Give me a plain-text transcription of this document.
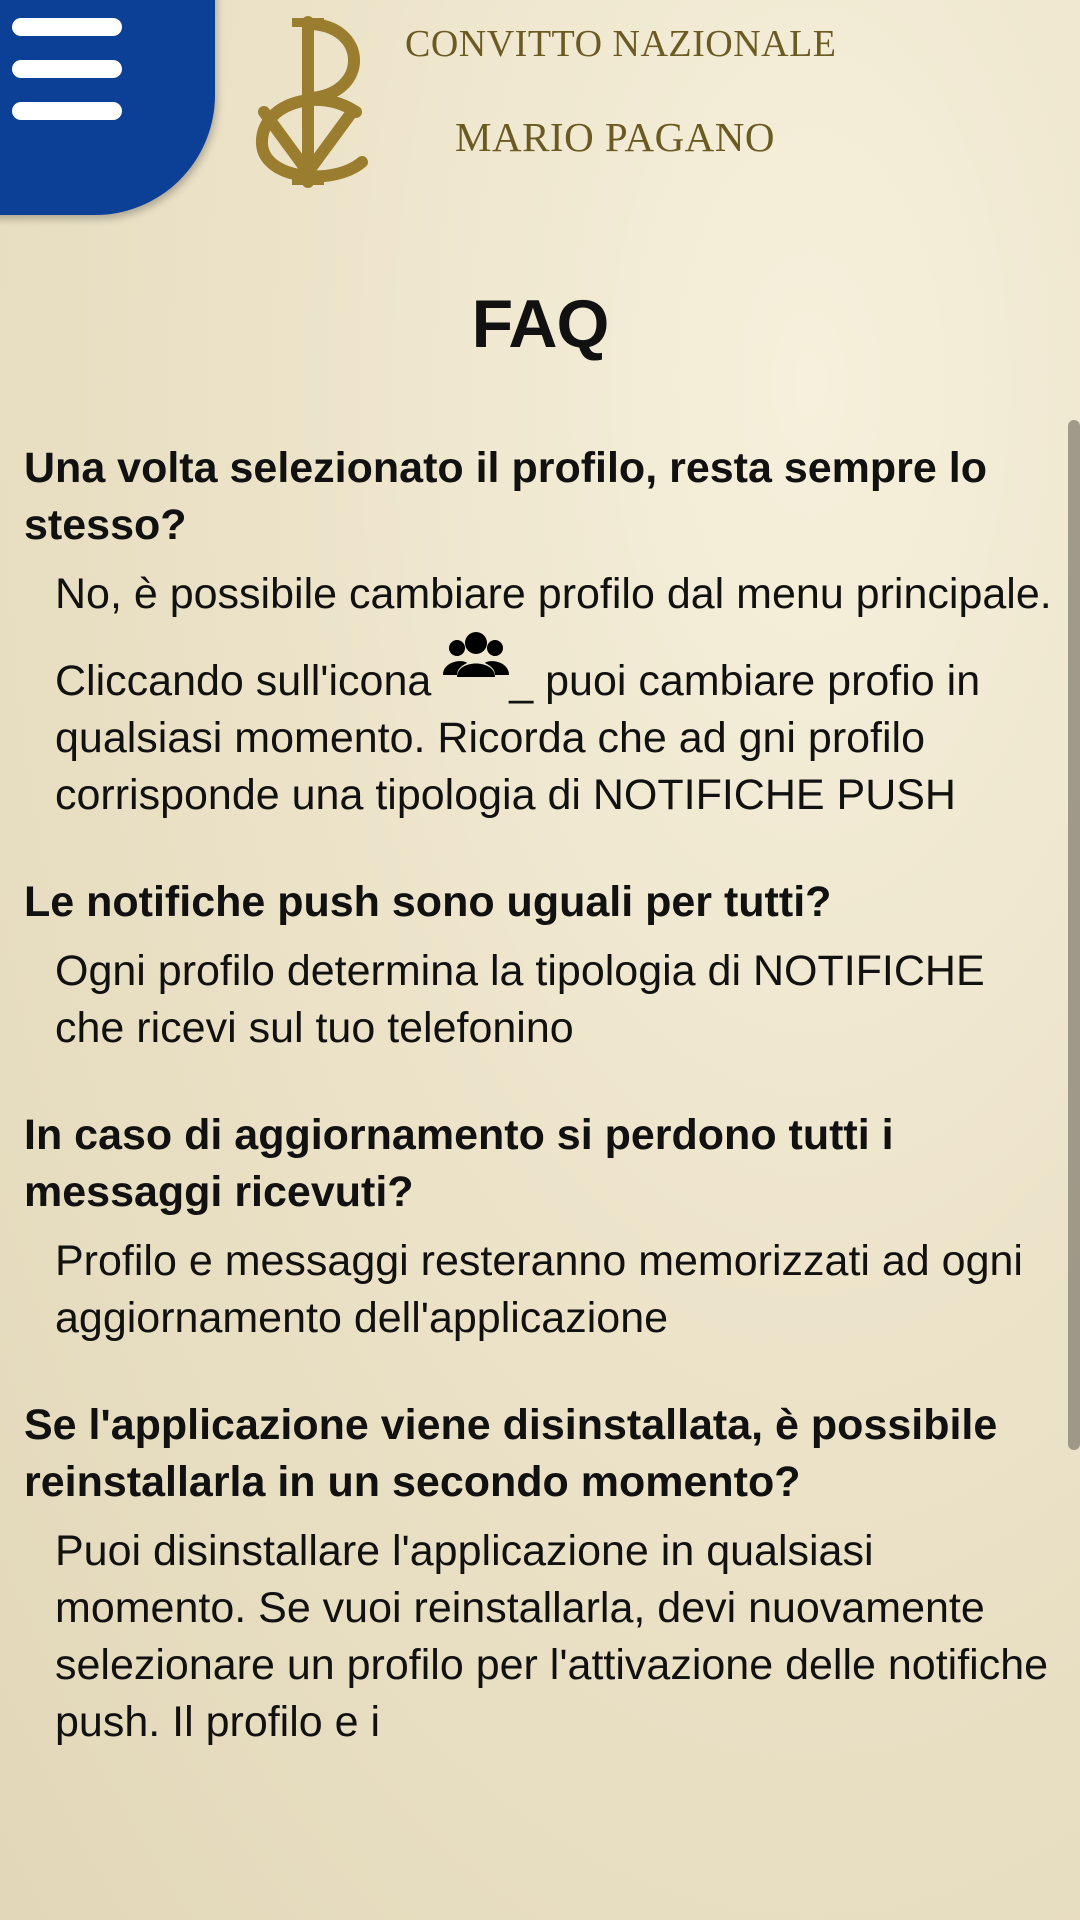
CONVITTO NAZIONALE
MARIO PAGANO
FAQ

Una volta selezionato il profilo, resta sempre lo stesso?

No, è possibile cambiare profilo dal menu principale.

Cliccando sull'icona _ puoi cambiare profio in qualsiasi momento. Ricorda che ad gni profilo corrisponde una tipologia di NOTIFICHE PUSH

Le notifiche push sono uguali per tutti?

Ogni profilo determina la tipologia di NOTIFICHE che ricevi sul tuo telefonino

In caso di aggiornamento si perdono tutti i messaggi ricevuti?

Profilo e messaggi resteranno memorizzati ad ogni aggiornamento dell'applicazione

Se l'applicazione viene disinstallata, è possibile reinstallarla in un secondo momento?

Puoi disinstallare l'applicazione in qualsiasi momento. Se vuoi reinstallarla, devi nuovamente selezionare un profilo per l'attivazione delle notifiche push. Il profilo e i
